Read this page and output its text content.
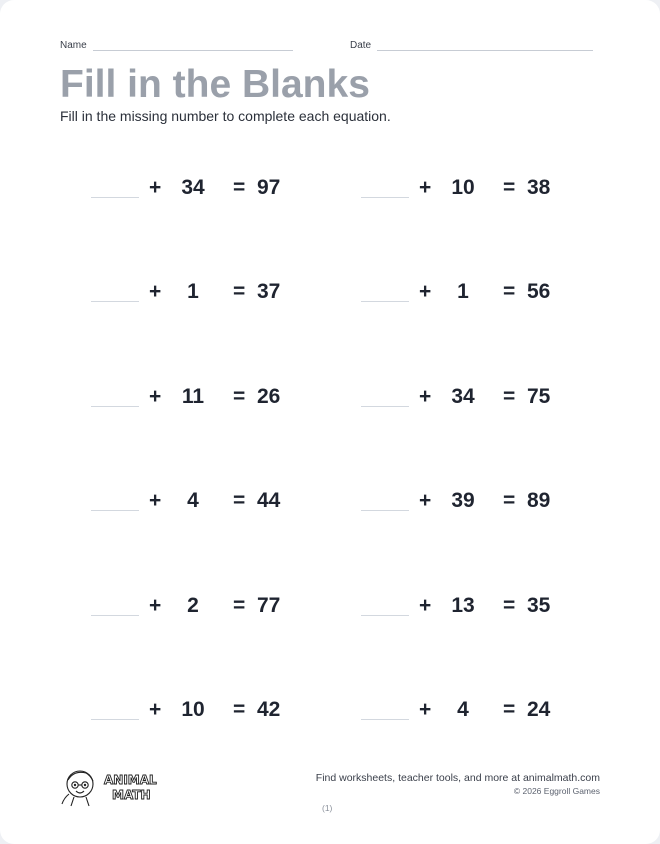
Name	Date
Fill in the Blanks

Fill in the missing number to complete each equation.

+ 34	= 97	+ 10	= 38
+	1	= 37	+	1	= 56
+ 11	= 26	+ 34	= 75
+	4	= 44	+ 39	= 89
+	2	= 77	+ 13	= 35
+ 10	= 42	+	4	= 24
ANIMAL
MATH
Find worksheets, teacher tools, and more at animalmath.com
© 2026 Eggroll Games
(1)
